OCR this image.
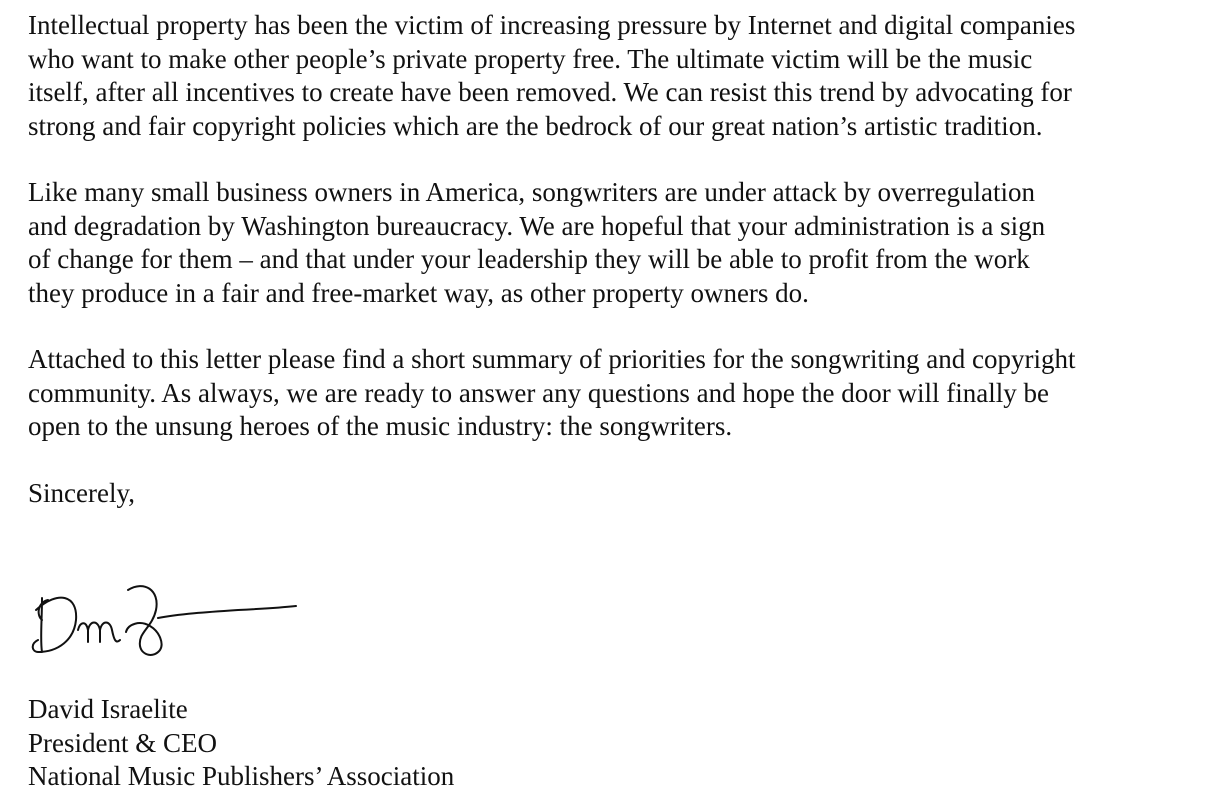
Intellectual property has been the victim of increasing pressure by Internet and digital companies
who want to make other people’s private property free. The ultimate victim will be the music
itself, after all incentives to create have been removed. We can resist this trend by advocating for
strong and fair copyright policies which are the bedrock of our great nation’s artistic tradition.

Like many small business owners in America, songwriters are under attack by overregulation
and degradation by Washington bureaucracy. We are hopeful that your administration is a sign
of change for them – and that under your leadership they will be able to profit from the work
they produce in a fair and free-market way, as other property owners do.

Attached to this letter please find a short summary of priorities for the songwriting and copyright
community. As always, we are ready to answer any questions and hope the door will finally be
open to the unsung heroes of the music industry: the songwriters.

Sincerely,

David Israelite
President & CEO
National Music Publishers’ Association
